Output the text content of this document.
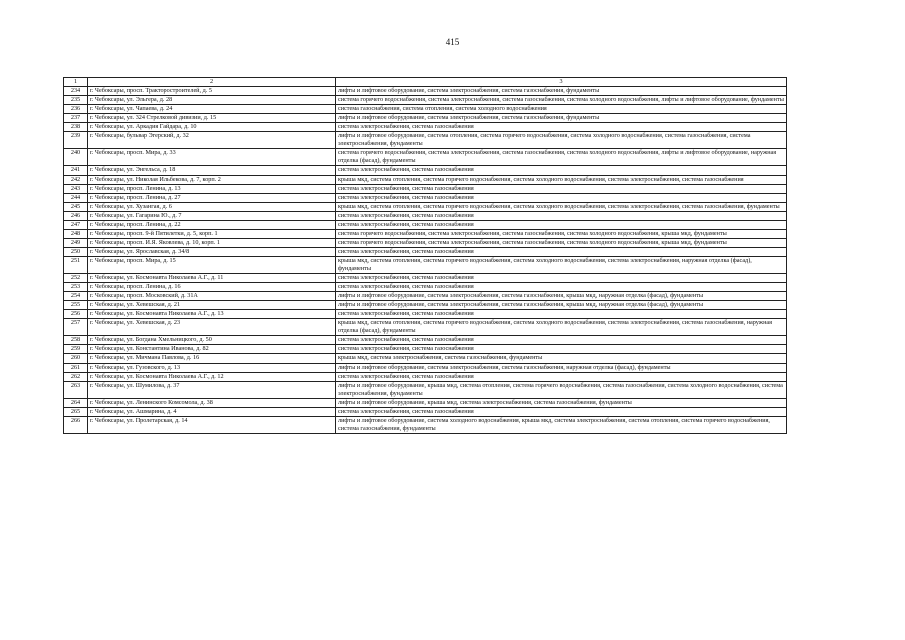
415
1	2	3
234	г. Чебоксары, просп. Тракторостроителей, д. 5	лифты и лифтовое оборудование, система электроснабжения, система газоснабжения, фундаменты
235	г. Чебоксары, ул. Эльгера, д. 28	система горячего водоснабжения, система электроснабжения, система газоснабжения, система холодного водоснабжения, лифты и лифтовое оборудование, фундаменты
236	г. Чебоксары, ул. Чапаева, д. 24	система газоснабжения, система отопления, система холодного водоснабжения
237	г. Чебоксары, ул. 324 Стрелковой дивизии, д. 15	лифты и лифтовое оборудование, система электроснабжения, система газоснабжения, фундаменты
238	г. Чебоксары, ул. Аркадия Гайдара, д. 10	система электроснабжения, система газоснабжения
239	г. Чебоксары, бульвар Эгерский, д. 32	лифты и лифтовое оборудование, система отопления, система горячего водоснабжения, система холодного водоснабжения, система газоснабжения, система электроснабжения, фундаменты
240	г. Чебоксары, просп. Мира, д. 33	система горячего водоснабжения, система электроснабжения, система газоснабжения, система холодного водоснабжения, лифты и лифтовое оборудование, наружная отделка (фасад), фундаменты
241	г. Чебоксары, ул. Энгельса, д. 18	система электроснабжения, система газоснабжения
242	г. Чебоксары, ул. Николая Ильбекова, д. 7, корп. 2	крыша мкд, система отопления, система горячего водоснабжения, система холодного водоснабжения, система электроснабжения, система газоснабжения
243	г. Чебоксары, просп. Ленина, д. 13	система электроснабжения, система газоснабжения
244	г. Чебоксары, просп. Ленина, д. 27	система электроснабжения, система газоснабжения
245	г. Чебоксары, ул. Хузангая, д. 6	крыша мкд, система отопления, система горячего водоснабжения, система холодного водоснабжения, система электроснабжения, система газоснабжения, фундаменты
246	г. Чебоксары, ул. Гагарина Ю., д. 7	система электроснабжения, система газоснабжения
247	г. Чебоксары, просп. Ленина, д. 22	система электроснабжения, система газоснабжения
248	г. Чебоксары, просп. 9-й Пятилетки, д. 5, корп. 1	система горячего водоснабжения, система электроснабжения, система газоснабжения, система холодного водоснабжения, крыша мкд, фундаменты
249	г. Чебоксары, просп. И.Я. Яковлева, д. 10, корп. 1	система горячего водоснабжения, система электроснабжения, система газоснабжения, система холодного водоснабжения, крыша мкд, фундаменты
250	г. Чебоксары, ул. Ярославская, д. 34/8	система электроснабжения, система газоснабжения
251	г. Чебоксары, просп. Мира, д. 15	крыша мкд, система отопления, система горячего водоснабжения, система холодного водоснабжения, система электроснабжения, наружная отделка (фасад), фундаменты
252	г. Чебоксары, ул. Космонавта Николаева А.Г., д. 11	система электроснабжения, система газоснабжения
253	г. Чебоксары, просп. Ленина, д. 16	система электроснабжения, система газоснабжения
254	г. Чебоксары, просп. Московский, д. 31А	лифты и лифтовое оборудование, система электроснабжения, система газоснабжения, крыша мкд, наружная отделка (фасад), фундаменты
255	г. Чебоксары, ул. Хевешская, д. 21	лифты и лифтовое оборудование, система электроснабжения, система газоснабжения, крыша мкд, наружная отделка (фасад), фундаменты
256	г. Чебоксары, ул. Космонавта Николаева А.Г., д. 13	система электроснабжения, система газоснабжения
257	г. Чебоксары, ул. Хевешская, д. 23	крыша мкд, система отопления, система горячего водоснабжения, система холодного водоснабжения, система электроснабжения, система газоснабжения, наружная отделка (фасад), фундаменты
258	г. Чебоксары, ул. Богдана Хмельницкого, д. 50	система электроснабжения, система газоснабжения
259	г. Чебоксары, ул. Константина Иванова, д. 82	система электроснабжения, система газоснабжения
260	г. Чебоксары, ул. Мичмана Павлова, д. 16	крыша мкд, система электроснабжения, система газоснабжения, фундаменты
261	г. Чебоксары, ул. Гузовского, д. 13	лифты и лифтовое оборудование, система электроснабжения, система газоснабжения, наружная отделка (фасад), фундаменты
262	г. Чебоксары, ул. Космонавта Николаева А.Г., д. 12	система электроснабжения, система газоснабжения
263	г. Чебоксары, ул. Шумилова, д. 37	лифты и лифтовое оборудование, крыша мкд, система отопления, система горячего водоснабжения, система газоснабжения, система холодного водоснабжения, система электроснабжения, фундаменты
264	г. Чебоксары, ул. Ленинского Комсомола, д. 38	лифты и лифтовое оборудование, крыша мкд, система электроснабжения, система газоснабжения, фундаменты
265	г. Чебоксары, ул. Ашмарина, д. 4	система электроснабжения, система газоснабжения
266	г. Чебоксары, ул. Пролетарская, д. 14	лифты и лифтовое оборудование, система холодного водоснабжения, крыша мкд, система электроснабжения, система отопления, система горячего водоснабжения, система газоснабжения, фундаменты
